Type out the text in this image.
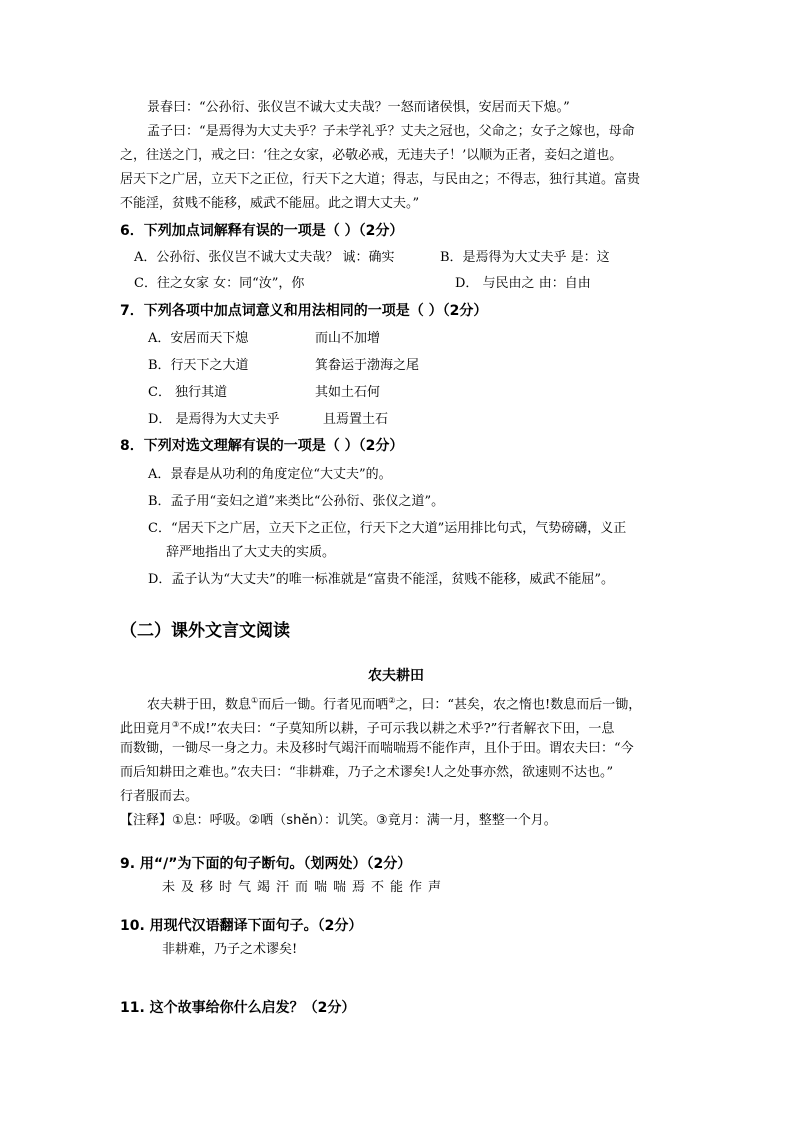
景春曰：“公孙衍、张仪岂不诚大丈夫哉？一怒而诸侯惧，安居而天下熄。”
孟子曰：“是焉得为大丈夫乎？子未学礼乎？丈夫之冠也，父命之；女子之嫁也，母命
之，往送之门，戒之曰：‘往之女家，必敬必戒，无违夫子！’以顺为正者，妾妇之道也。
居天下之广居，立天下之正位，行天下之大道；得志，与民由之；不得志，独行其道。富贵
不能淫，贫贱不能移，威武不能屈。此之谓大丈夫。”
6．下列加点词解释有误的一项是（ ）（2分）
A．公孙衍、张仪岂不诚大丈夫哉？ 诚：确实	B．是焉得为大丈夫乎 是：这
C．往之女家 女：同“汝”，你	D． 与民由之 由：自由
7．下列各项中加点词意义和用法相同的一项是（ ）（2分）
A．安居而天下熄	而山不加增
B．行天下之大道	箕畚运于渤海之尾
C． 独行其道	其如土石何
D． 是焉得为大丈夫乎	且焉置土石
8．下列对选文理解有误的一项是（ ）（2分）
A．景春是从功利的角度定位“大丈夫”的。
B．孟子用“妾妇之道”来类比“公孙衍、张仪之道”。
C．“居天下之广居，立天下之正位，行天下之大道”运用排比句式，气势磅礴，义正
辞严地指出了大丈夫的实质。
D．孟子认为“大丈夫”的唯一标准就是“富贵不能淫，贫贱不能移，威武不能屈”。
（二）课外文言文阅读
农夫耕田
农夫耕于田，数息①而后一锄。行者见而哂②之，曰：“甚矣，农之惰也!数息而后一锄，
此田竟月③不成!”农夫曰：“子莫知所以耕，子可示我以耕之术乎?”行者解衣下田，一息
而数锄，一锄尽一身之力。未及移时气竭汗而喘喘焉不能作声，且仆于田。谓农夫曰：“今
而后知耕田之难也。”农夫曰：“非耕难，乃子之术谬矣!人之处事亦然，欲速则不达也。”
行者服而去。
【注释】①息：呼吸。②哂（shěn）：讥笑。③竟月：满一月，整整一个月。
9. 用“/”为下面的句子断句。（划两处）（2分）
未及移时气竭汗而喘喘焉不能作声
10. 用现代汉语翻译下面句子。（2分）
非耕难，乃子之术谬矣!
11. 这个故事给你什么启发？（2分）
